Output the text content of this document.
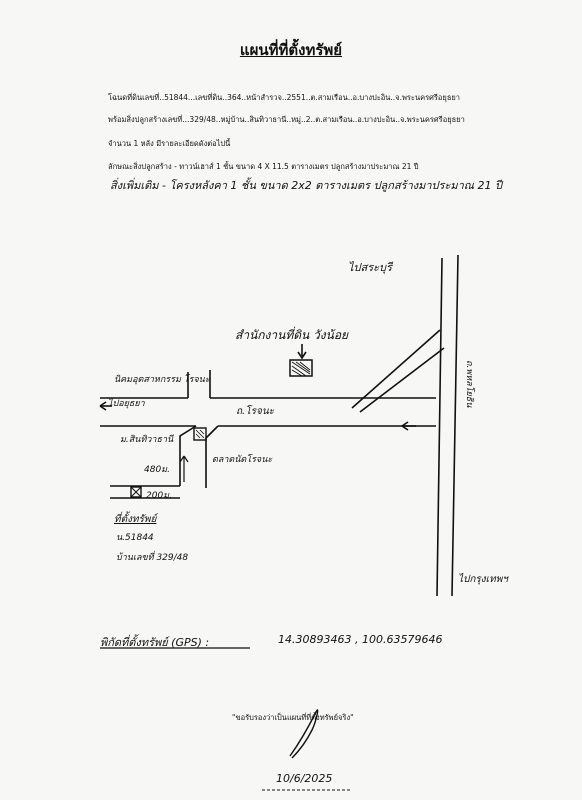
แผนที่ที่ตั้งทรัพย์
โฉนดที่ดินเลขที่..51844...เลขที่ดิน..364..หน้าสำรวจ..2551..ต.สามเรือน..อ.บางปะอิน..จ.พระนครศรีอยุธยา
พร้อมสิ่งปลูกสร้างเลขที่...329/48..หมู่บ้าน..สินทิวาธานี..หมู่..2..ต.สามเรือน..อ.บางปะอิน..จ.พระนครศรีอยุธยา
จำนวน 1 หลัง มีรายละเอียดดังต่อไปนี้
ลักษณะสิ่งปลูกสร้าง - ทาวน์เฮาส์ 1 ชั้น ขนาด 4 X 11.5 ตารางเมตร ปลูกสร้างมาประมาณ 21 ปี
สิ่งเพิ่มเติม - โครงหลังคา 1 ชั้น ขนาด 2x2 ตารางเมตร ปลูกสร้างมาประมาณ 21 ปี
ไปสระบุรี
สำนักงานที่ดิน วังน้อย
นิคมอุตสาหกรรม โรจนะ
ไปอยุธยา
ถ.โรจนะ
ถ.พหลโยธิน
ม.สินทิวาธานี
ตลาดนัดโรจนะ
480ม.
200ม.
ที่ตั้งทรัพย์
น.51844
บ้านเลขที่ 329/48
ไปกรุงเทพฯ
พิกัดที่ตั้งทรัพย์ (GPS) :	14.30893463 , 100.63579646
"ขอรับรองว่าเป็นแผนที่ที่ตั้งทรัพย์จริง"
10/6/2025
